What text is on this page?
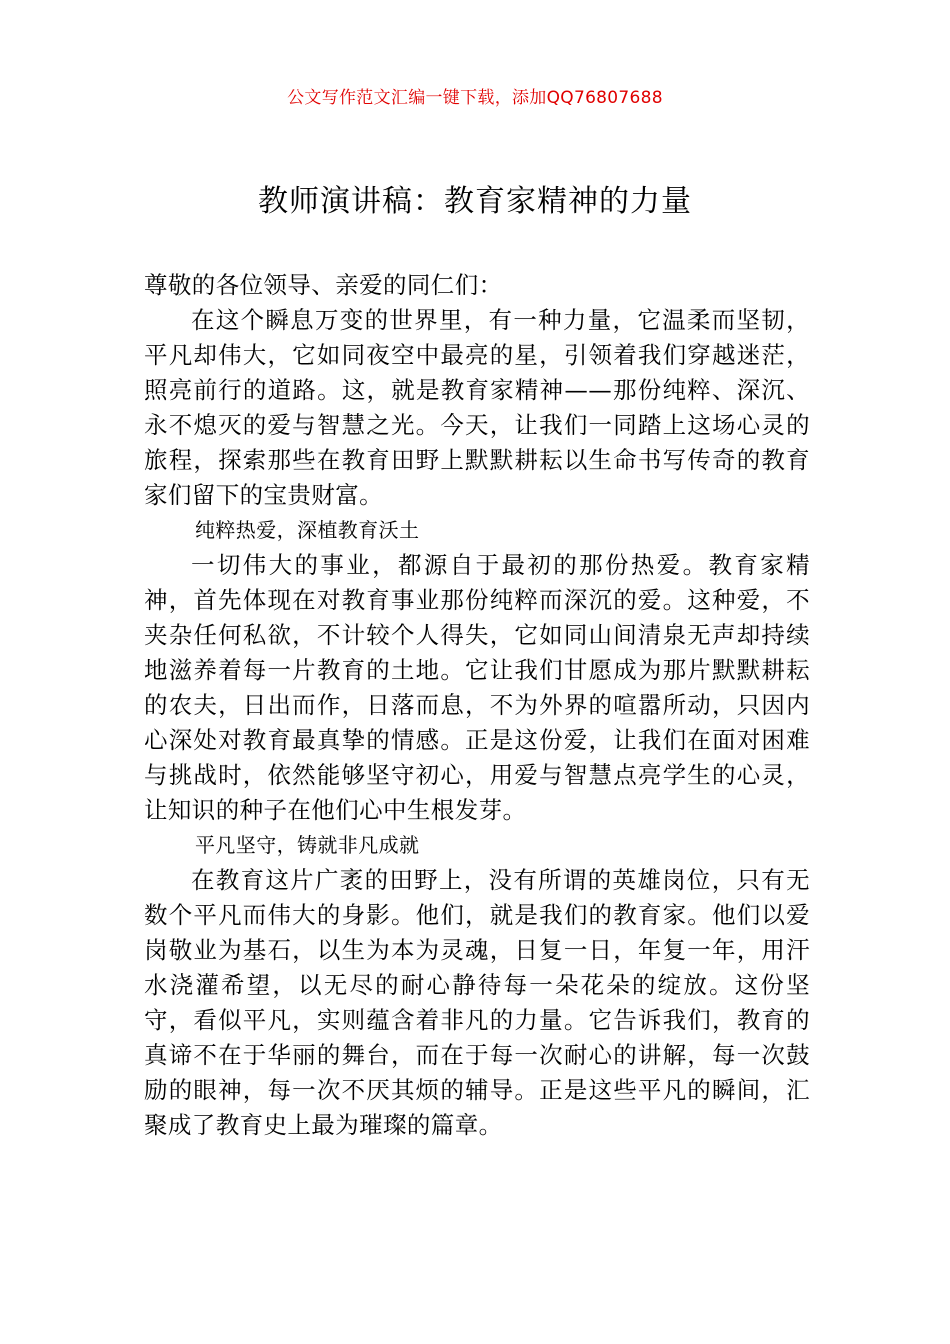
公文写作范文汇编一键下载，添加QQ76807688
教师演讲稿：教育家精神的力量

尊敬的各位领导、亲爱的同仁们：

在这个瞬息万变的世界里，有一种力量，它温柔而坚韧，平凡却伟大，它如同夜空中最亮的星，引领着我们穿越迷茫，照亮前行的道路。这，就是教育家精神——那份纯粹、深沉、永不熄灭的爱与智慧之光。今天，让我们一同踏上这场心灵的旅程，探索那些在教育田野上默默耕耘以生命书写传奇的教育家们留下的宝贵财富。

纯粹热爱，深植教育沃土

一切伟大的事业，都源自于最初的那份热爱。教育家精神，首先体现在对教育事业那份纯粹而深沉的爱。这种爱，不夹杂任何私欲，不计较个人得失，它如同山间清泉无声却持续地滋养着每一片教育的土地。它让我们甘愿成为那片默默耕耘的农夫，日出而作，日落而息，不为外界的喧嚣所动，只因内心深处对教育最真挚的情感。正是这份爱，让我们在面对困难与挑战时，依然能够坚守初心，用爱与智慧点亮学生的心灵，让知识的种子在他们心中生根发芽。

平凡坚守，铸就非凡成就

在教育这片广袤的田野上，没有所谓的英雄岗位，只有无数个平凡而伟大的身影。他们，就是我们的教育家。他们以爱岗敬业为基石，以生为本为灵魂，日复一日，年复一年，用汗水浇灌希望，以无尽的耐心静待每一朵花朵的绽放。这份坚守，看似平凡，实则蕴含着非凡的力量。它告诉我们，教育的真谛不在于华丽的舞台，而在于每一次耐心的讲解，每一次鼓励的眼神，每一次不厌其烦的辅导。正是这些平凡的瞬间，汇聚成了教育史上最为璀璨的篇章。
